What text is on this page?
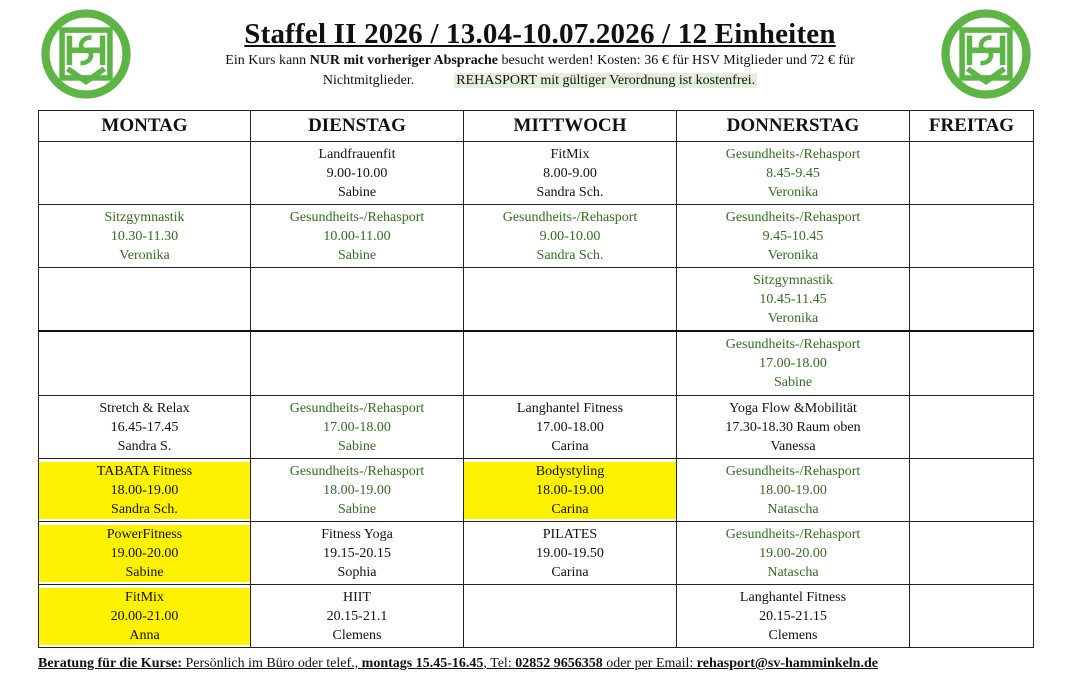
Staffel II 2026 / 13.04-10.07.2026 / 12 Einheiten
Ein Kurs kann NUR mit vorheriger Absprache besucht werden! Kosten: 36 € für HSV Mitglieder und 72 € für
Nichtmitglieder.	REHASPORT mit gültiger Verordnung ist kostenfrei.
MONTAG	DIENSTAG	MITTWOCH	DONNERSTAG	FREITAG

	Landfrauenfit
9.00-10.00
Sabine	FitMix
8.00-9.00
Sandra Sch.	Gesundheits-/Rehasport
8.45-9.45
Veronika	

Sitzgymnastik
10.30-11.30
Veronika	Gesundheits-/Rehasport
10.00-11.00
Sabine	Gesundheits-/Rehasport
9.00-10.00
Sandra Sch.	Gesundheits-/Rehasport
9.45-10.45
Veronika	

			Sitzgymnastik
10.45-11.45
Veronika	

			Gesundheits-/Rehasport
17.00-18.00
Sabine	

Stretch & Relax
16.45-17.45
Sandra S.	Gesundheits-/Rehasport
17.00-18.00
Sabine	Langhantel Fitness
17.00-18.00
Carina	Yoga Flow &Mobilität
17.30-18.30 Raum oben
Vanessa	

TABATA Fitness
18.00-19.00
Sandra Sch.	Gesundheits-/Rehasport
18.00-19.00
Sabine	Bodystyling
18.00-19.00
Carina	Gesundheits-/Rehasport
18.00-19.00
Natascha	

PowerFitness
19.00-20.00
Sabine	Fitness Yoga
19.15-20.15
Sophia	PILATES
19.00-19.50
Carina	Gesundheits-/Rehasport
19.00-20.00
Natascha	

FitMix
20.00-21.00
Anna	HIIT
20.15-21.1
Clemens		Langhantel Fitness
20.15-21.15
Clemens	

Beratung für die Kurse: Persönlich im Büro oder telef., montags 15.45-16.45, Tel: 02852 9656358 oder per Email: rehasport@sv-hamminkeln.de
